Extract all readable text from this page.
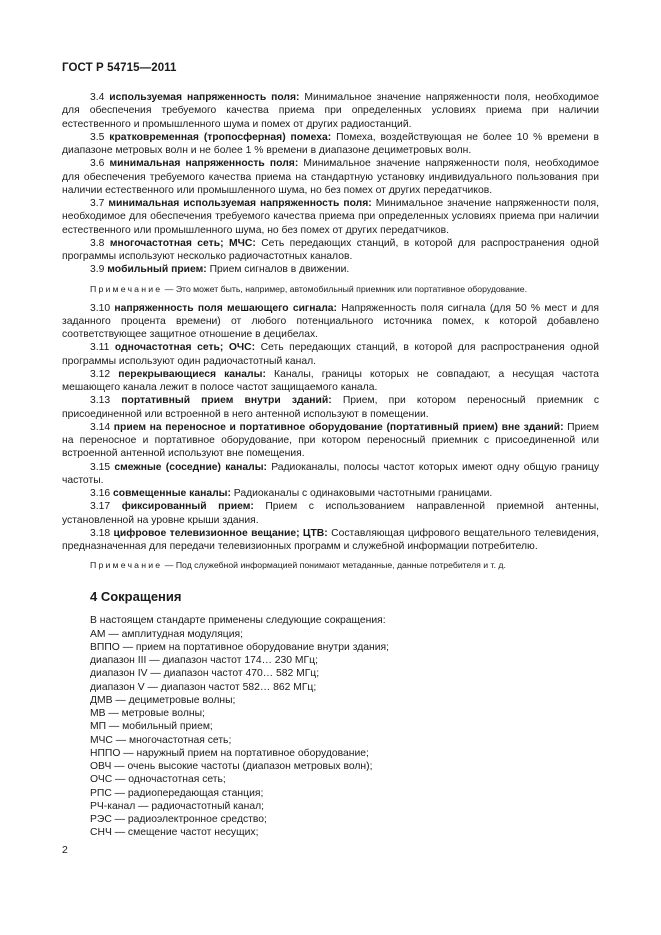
ГОСТ Р 54715—2011

3.4 используемая напряженность поля: Минимальное значение напряженности поля, необходимое для обеспечения требуемого качества приема при определенных условиях приема при наличии естественного и промышленного шума и помех от других радиостанций.

3.5 кратковременная (тропосферная) помеха: Помеха, воздействующая не более 10 % времени в диапазоне метровых волн и не более 1 % времени в диапазоне дециметровых волн.

3.6 минимальная напряженность поля: Минимальное значение напряженности поля, необходимое для обеспечения требуемого качества приема на стандартную установку индивидуального пользования при наличии естественного или промышленного шума, но без помех от других передатчиков.

3.7 минимальная используемая напряженность поля: Минимальное значение напряженности поля, необходимое для обеспечения требуемого качества приема при определенных условиях приема при наличии естественного или промышленного шума, но без помех от других передатчиков.

3.8 многочастотная сеть; МЧС: Сеть передающих станций, в которой для распространения одной программы используют несколько радиочастотных каналов.

3.9 мобильный прием: Прием сигналов в движении.

Примечание — Это может быть, например, автомобильный приемник или портативное оборудование.

3.10 напряженность поля мешающего сигнала: Напряженность поля сигнала (для 50 % мест и для заданного процента времени) от любого потенциального источника помех, к которой добавлено соответствующее защитное отношение в децибелах.

3.11 одночастотная сеть; ОЧС: Сеть передающих станций, в которой для распространения одной программы используют один радиочастотный канал.

3.12 перекрывающиеся каналы: Каналы, границы которых не совпадают, а несущая частота мешающего канала лежит в полосе частот защищаемого канала.

3.13 портативный прием внутри зданий: Прием, при котором переносный приемник с присоединенной или встроенной в него антенной используют в помещении.

3.14 прием на переносное и портативное оборудование (портативный прием) вне зданий: Прием на переносное и портативное оборудование, при котором переносный приемник с присоединенной или встроенной антенной используют вне помещения.

3.15 смежные (соседние) каналы: Радиоканалы, полосы частот которых имеют одну общую границу частоты.

3.16 совмещенные каналы: Радиоканалы с одинаковыми частотными границами.

3.17 фиксированный прием: Прием с использованием направленной приемной антенны, установленной на уровне крыши здания.

3.18 цифровое телевизионное вещание; ЦТВ: Составляющая цифрового вещательного телевидения, предназначенная для передачи телевизионных программ и служебной информации потребителю.

Примечание — Под служебной информацией понимают метаданные, данные потребителя и т. д.

4 Сокращения

В настоящем стандарте применены следующие сокращения:

АМ — амплитудная модуляция;
ВППО — прием на портативное оборудование внутри здания;
диапазон III — диапазон частот 174… 230 МГц;
диапазон IV — диапазон частот 470… 582 МГц;
диапазон V — диапазон частот 582… 862 МГц;
ДМВ — дециметровые волны;
МВ — метровые волны;
МП — мобильный прием;
МЧС — многочастотная сеть;
НППО — наружный прием на портативное оборудование;
ОВЧ — очень высокие частоты (диапазон метровых волн);
ОЧС — одночастотная сеть;
РПС — радиопередающая станция;
РЧ-канал — радиочастотный канал;
РЭС — радиоэлектронное средство;
СНЧ — смещение частот несущих;
2
